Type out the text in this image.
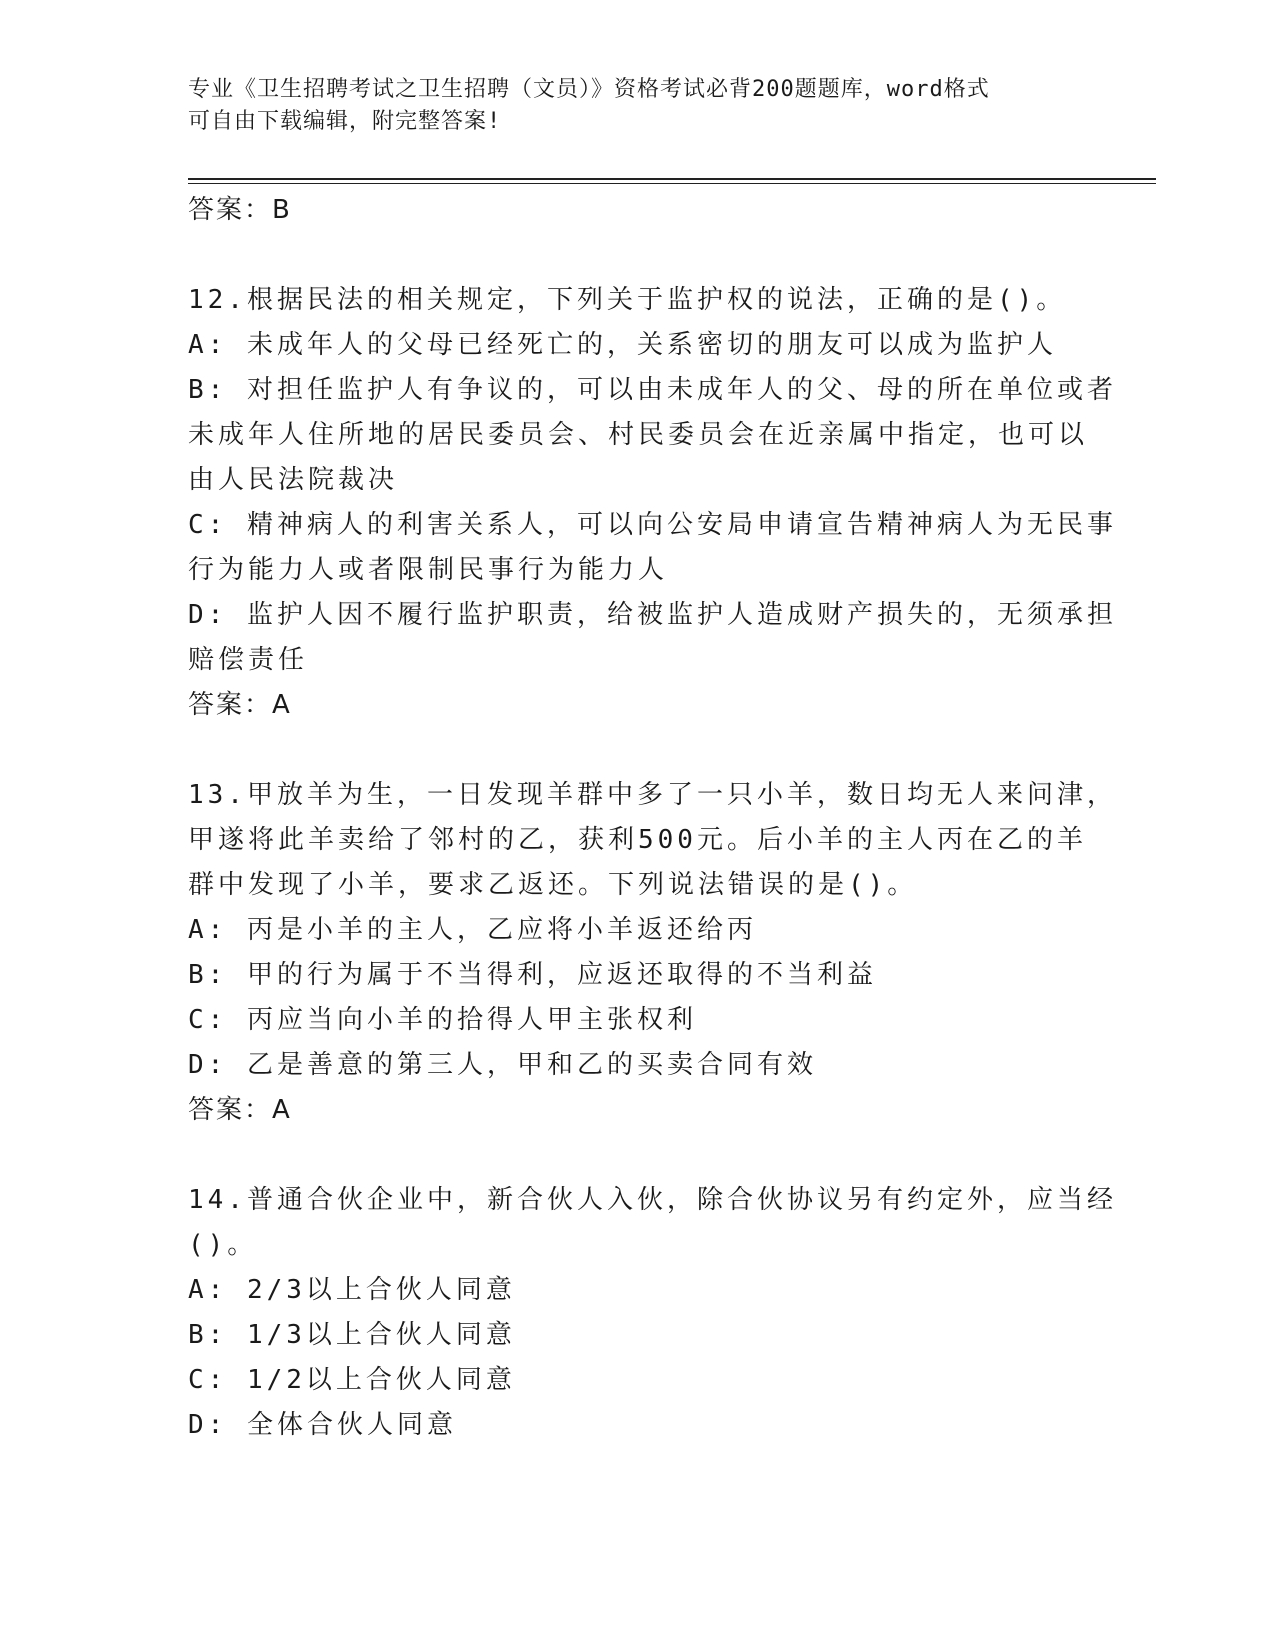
专业《卫生招聘考试之卫生招聘（文员）》资格考试必背200题题库，word格式
可自由下载编辑，附完整答案!
答案：B
12.根据民法的相关规定，下列关于监护权的说法，正确的是()。
A: 未成年人的父母已经死亡的，关系密切的朋友可以成为监护人
B: 对担任监护人有争议的，可以由未成年人的父、母的所在单位或者
未成年人住所地的居民委员会、村民委员会在近亲属中指定，也可以
由人民法院裁决
C: 精神病人的利害关系人，可以向公安局申请宣告精神病人为无民事
行为能力人或者限制民事行为能力人
D: 监护人因不履行监护职责，给被监护人造成财产损失的，无须承担
赔偿责任
答案：A
13.甲放羊为生，一日发现羊群中多了一只小羊，数日均无人来问津，
甲遂将此羊卖给了邻村的乙，获利500元。后小羊的主人丙在乙的羊
群中发现了小羊，要求乙返还。下列说法错误的是()。
A: 丙是小羊的主人，乙应将小羊返还给丙
B: 甲的行为属于不当得利，应返还取得的不当利益
C: 丙应当向小羊的拾得人甲主张权利
D: 乙是善意的第三人，甲和乙的买卖合同有效
答案：A
14.普通合伙企业中，新合伙人入伙，除合伙协议另有约定外，应当经
()。
A: 2/3以上合伙人同意
B: 1/3以上合伙人同意
C: 1/2以上合伙人同意
D: 全体合伙人同意
